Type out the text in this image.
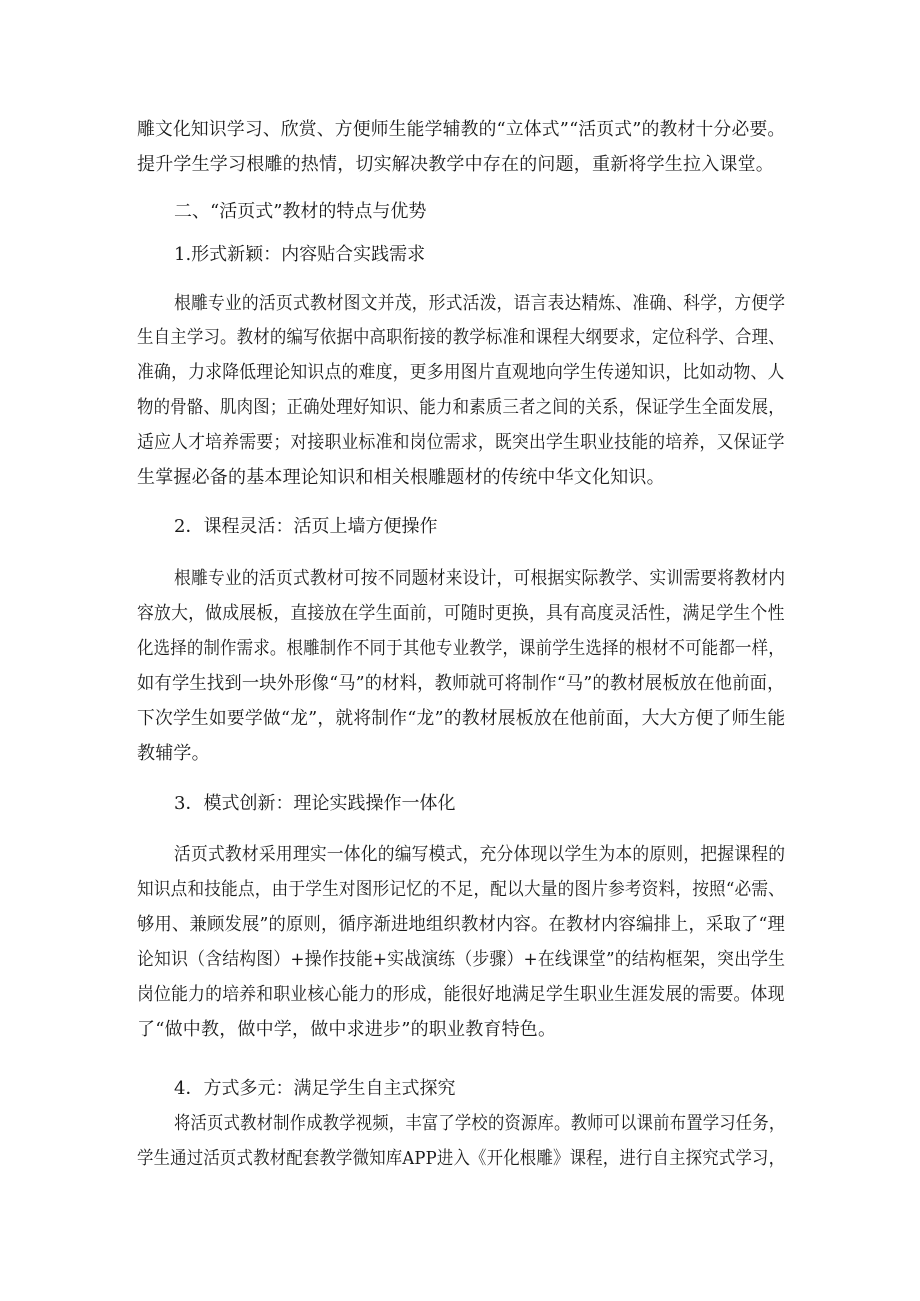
雕文化知识学习、欣赏、方便师生能学辅教的“立体式”“活页式”的教材十分必要。
提升学生学习根雕的热情，切实解决教学中存在的问题，重新将学生拉入课堂。
二、“活页式”教材的特点与优势
1.形式新颖：内容贴合实践需求
根雕专业的活页式教材图文并茂，形式活泼，语言表达精炼、准确、科学，方便学
生自主学习。教材的编写依据中高职衔接的教学标准和课程大纲要求，定位科学、合理、
准确，力求降低理论知识点的难度，更多用图片直观地向学生传递知识，比如动物、人
物的骨骼、肌肉图；正确处理好知识、能力和素质三者之间的关系，保证学生全面发展，
适应人才培养需要；对接职业标准和岗位需求，既突出学生职业技能的培养，又保证学
生掌握必备的基本理论知识和相关根雕题材的传统中华文化知识。
2．课程灵活：活页上墙方便操作
根雕专业的活页式教材可按不同题材来设计，可根据实际教学、实训需要将教材内
容放大，做成展板，直接放在学生面前，可随时更换，具有高度灵活性，满足学生个性
化选择的制作需求。根雕制作不同于其他专业教学，课前学生选择的根材不可能都一样，
如有学生找到一块外形像“马”的材料，教师就可将制作“马”的教材展板放在他前面，
下次学生如要学做“龙”，就将制作“龙”的教材展板放在他前面，大大方便了师生能
教辅学。
3．模式创新：理论实践操作一体化
活页式教材采用理实一体化的编写模式，充分体现以学生为本的原则，把握课程的
知识点和技能点，由于学生对图形记忆的不足，配以大量的图片参考资料，按照“必需、
够用、兼顾发展”的原则，循序渐进地组织教材内容。在教材内容编排上，采取了“理
论知识（含结构图）+操作技能+实战演练（步骤）+在线课堂”的结构框架，突出学生
岗位能力的培养和职业核心能力的形成，能很好地满足学生职业生涯发展的需要。体现
了“做中教，做中学，做中求进步”的职业教育特色。
4．方式多元：满足学生自主式探究
将活页式教材制作成教学视频，丰富了学校的资源库。教师可以课前布置学习任务，
学生通过活页式教材配套教学微知库APP进入《开化根雕》课程，进行自主探究式学习，
